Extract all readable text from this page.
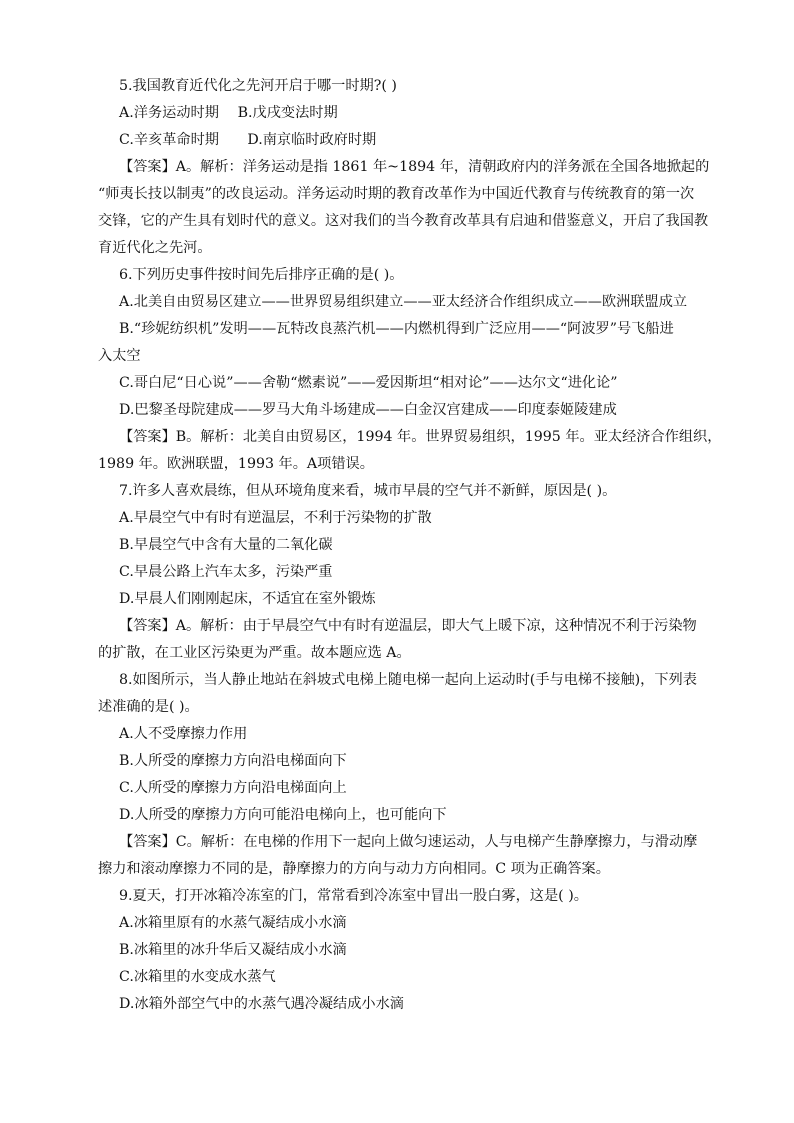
5.我国教育近代化之先河开启于哪一时期?( )
A.洋务运动时期　 B.戊戌变法时期
C.辛亥革命时期　　D.南京临时政府时期
【答案】A。解析：洋务运动是指 1861 年~1894 年，清朝政府内的洋务派在全国各地掀起的
“师夷长技以制夷”的改良运动。洋务运动时期的教育改革作为中国近代教育与传统教育的第一次
交锋，它的产生具有划时代的意义。这对我们的当今教育改革具有启迪和借鉴意义，开启了我国教
育近代化之先河。
6.下列历史事件按时间先后排序正确的是( )。
A.北美自由贸易区建立——世界贸易组织建立——亚太经济合作组织成立——欧洲联盟成立
B.“珍妮纺织机”发明——瓦特改良蒸汽机——内燃机得到广泛应用——“阿波罗”号飞船进
入太空
C.哥白尼“日心说”——舍勒“燃素说”——爱因斯坦“相对论”——达尔文“进化论”
D.巴黎圣母院建成——罗马大角斗场建成——白金汉宫建成——印度泰姬陵建成
【答案】B。解析：北美自由贸易区，1994 年。世界贸易组织，1995 年。亚太经济合作组织，
1989 年。欧洲联盟，1993 年。A项错误。
7.许多人喜欢晨练，但从环境角度来看，城市早晨的空气并不新鲜，原因是( )。
A.早晨空气中有时有逆温层，不利于污染物的扩散
B.早晨空气中含有大量的二氧化碳
C.早晨公路上汽车太多，污染严重
D.早晨人们刚刚起床，不适宜在室外锻炼
【答案】A。解析：由于早晨空气中有时有逆温层，即大气上暖下凉，这种情况不利于污染物
的扩散，在工业区污染更为严重。故本题应选 A。
8.如图所示，当人静止地站在斜坡式电梯上随电梯一起向上运动时(手与电梯不接触)，下列表
述准确的是( )。
A.人不受摩擦力作用
B.人所受的摩擦力方向沿电梯面向下
C.人所受的摩擦力方向沿电梯面向上
D.人所受的摩擦力方向可能沿电梯向上，也可能向下
【答案】C。解析：在电梯的作用下一起向上做匀速运动，人与电梯产生静摩擦力，与滑动摩
擦力和滚动摩擦力不同的是，静摩擦力的方向与动力方向相同。C 项为正确答案。
9.夏天，打开冰箱冷冻室的门，常常看到冷冻室中冒出一股白雾，这是( )。
A.冰箱里原有的水蒸气凝结成小水滴
B.冰箱里的冰升华后又凝结成小水滴
C.冰箱里的水变成水蒸气
D.冰箱外部空气中的水蒸气遇冷凝结成小水滴
